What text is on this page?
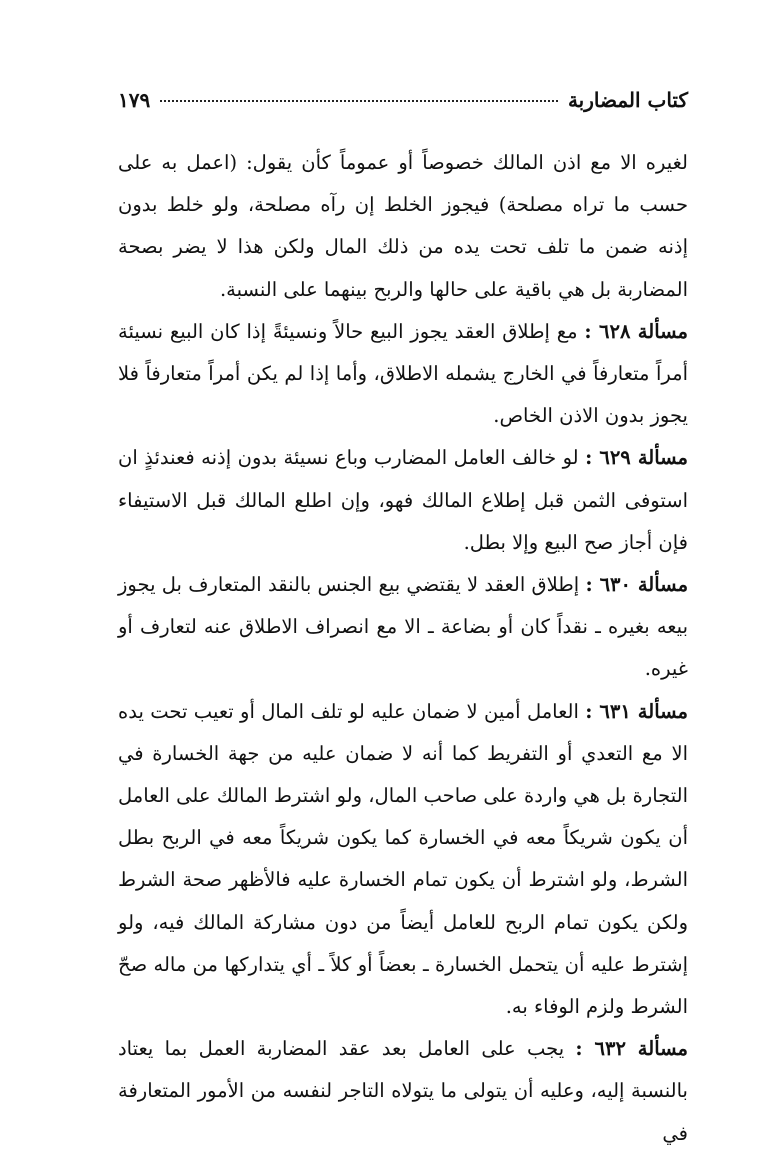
كتاب المضاربة
١٧٩

لغيره الا مع اذن المالك خصوصاً أو عموماً كأن يقول: (اعمل به على حسب ما تراه مصلحة) فيجوز الخلط إن رآه مصلحة، ولو خلط بدون إذنه ضمن ما تلف تحت يده من ذلك المال ولكن هذا لا يضر بصحة المضاربة بل هي باقية على حالها والربح بينهما على النسبة.

مسألة ٦٢٨ : مع إطلاق العقد يجوز البيع حالاً ونسيئةً إذا كان البيع نسيئة أمراً متعارفاً في الخارج يشمله الاطلاق، وأما إذا لم يكن أمراً متعارفاً فلا يجوز بدون الاذن الخاص.

مسألة ٦٢٩ : لو خالف العامل المضارب وباع نسيئة بدون إذنه فعندئذٍ ان استوفى الثمن قبل إطلاع المالك فهو، وإن اطلع المالك قبل الاستيفاء فإن أجاز صح البيع وإلا بطل.

مسألة ٦٣٠ : إطلاق العقد لا يقتضي بيع الجنس بالنقد المتعارف بل يجوز بيعه بغيره ـ نقداً كان أو بضاعة ـ الا مع انصراف الاطلاق عنه لتعارف أو غيره.

مسألة ٦٣١ : العامل أمين لا ضمان عليه لو تلف المال أو تعيب تحت يده الا مع التعدي أو التفريط كما أنه لا ضمان عليه من جهة الخسارة في التجارة بل هي واردة على صاحب المال، ولو اشترط المالك على العامل أن يكون شريكاً معه في الخسارة كما يكون شريكاً معه في الربح بطل الشرط، ولو اشترط أن يكون تمام الخسارة عليه فالأظهر صحة الشرط ولكن يكون تمام الربح للعامل أيضاً من دون مشاركة المالك فيه، ولو إشترط عليه أن يتحمل الخسارة ـ بعضاً أو كلاً ـ أي يتداركها من ماله صحّ الشرط ولزم الوفاء به.

مسألة ٦٣٢ : يجب على العامل بعد عقد المضاربة العمل بما يعتاد بالنسبة إليه، وعليه أن يتولى ما يتولاه التاجر لنفسه من الأمور المتعارفة في
